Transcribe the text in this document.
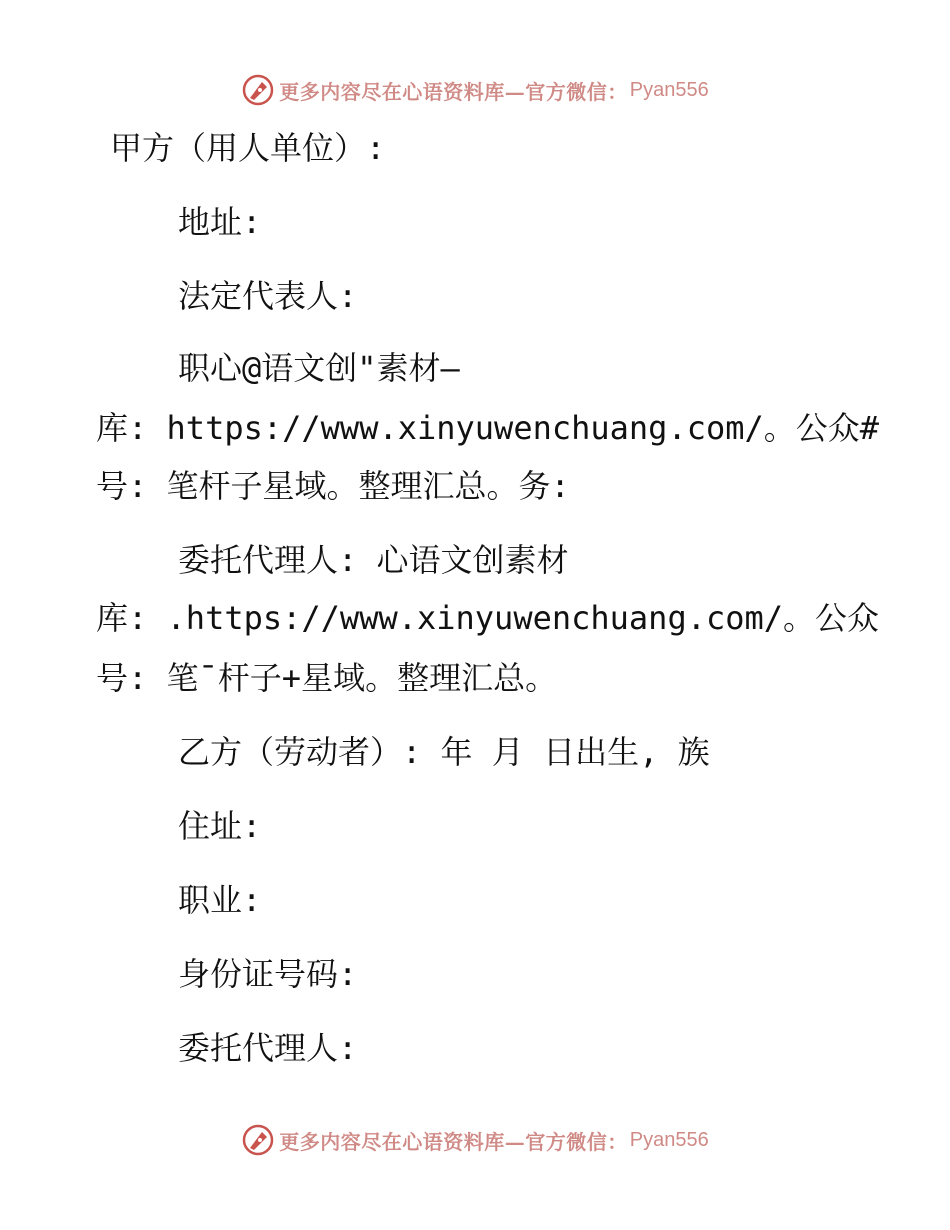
更多内容尽在心语资料库— 官方微信： Pyan556
甲方（用人单位）:
地址:
法定代表人:
职心@语文创"素材—
库: https://www.xinyuwenchuang.com/。公众#
号: 笔杆子星域。整理汇总。务:
委托代理人: 心语文创素材
库: .https://www.xinyuwenchuang.com/。公众
号: 笔¯杆子+星域。整理汇总。
乙方（劳动者）: 年 月 日出生, 族
住址:
职业:
身份证号码:
委托代理人:
更多内容尽在心语资料库— 官方微信： Pyan556
